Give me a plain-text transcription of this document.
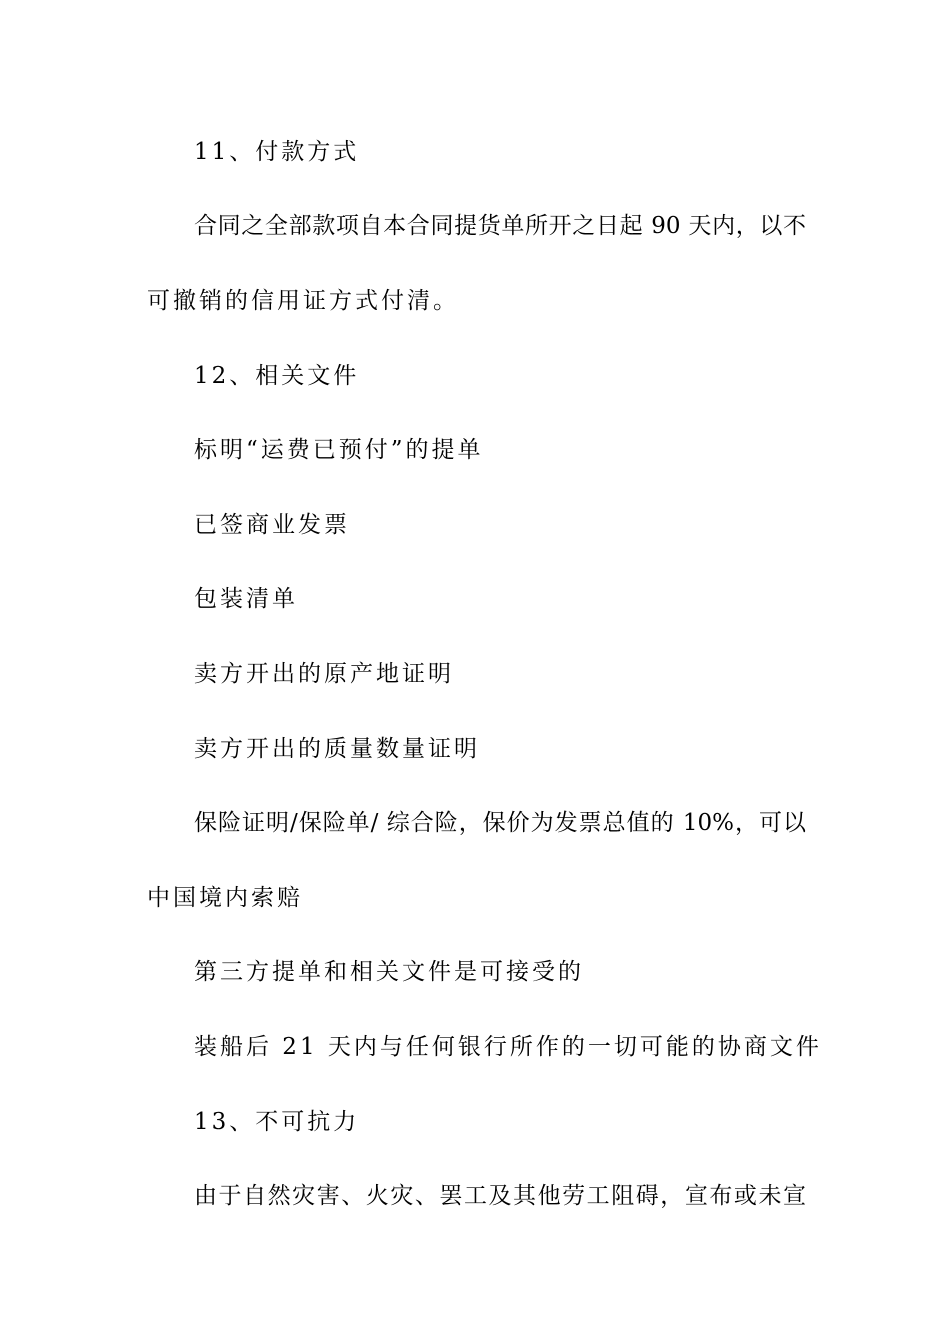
11、付款方式
合同之全部款项自本合同提货单所开之日起 90 天内，以不
可撤销的信用证方式付清。
12、相关文件
标明“运费已预付”的提单
已签商业发票
包装清单
卖方开出的原产地证明
卖方开出的质量数量证明
保险证明/保险单/ 综合险，保价为发票总值的 10%，可以
中国境内索赔
第三方提单和相关文件是可接受的
装船后 21 天内与任何银行所作的一切可能的协商文件
13、不可抗力
由于自然灾害、火灾、罢工及其他劳工阻碍，宣布或未宣
